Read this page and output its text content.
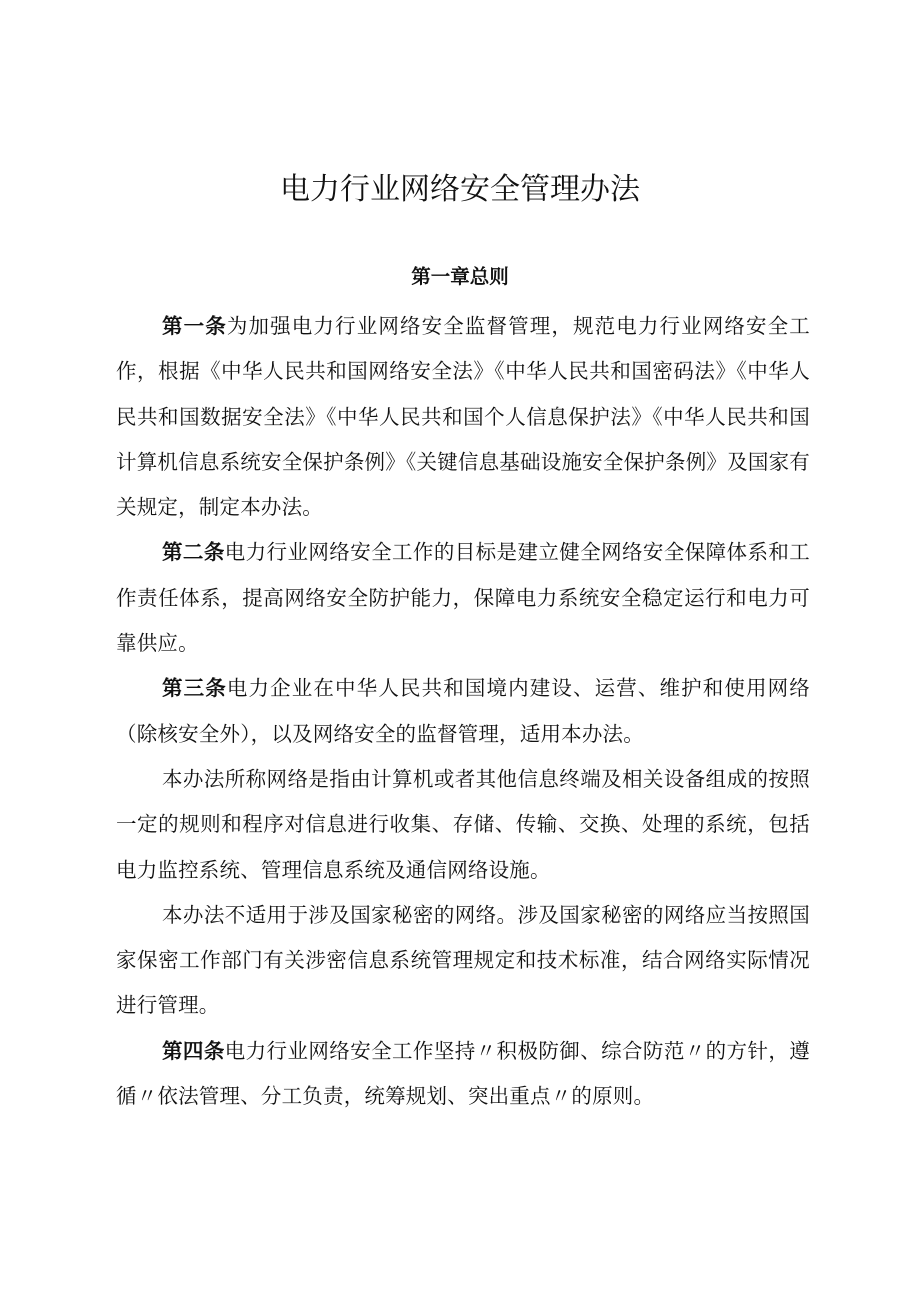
电力行业网络安全管理办法
第一章总则

第一条为加强电力行业网络安全监督管理，规范电力行业网络安全工作，根据《中华人民共和国网络安全法》《中华人民共和国密码法》《中华人民共和国数据安全法》《中华人民共和国个人信息保护法》《中华人民共和国计算机信息系统安全保护条例》《关键信息基础设施安全保护条例》及国家有关规定，制定本办法。

第二条电力行业网络安全工作的目标是建立健全网络安全保障体系和工作责任体系，提高网络安全防护能力，保障电力系统安全稳定运行和电力可靠供应。

第三条电力企业在中华人民共和国境内建设、运营、维护和使用网络（除核安全外），以及网络安全的监督管理，适用本办法。

本办法所称网络是指由计算机或者其他信息终端及相关设备组成的按照一定的规则和程序对信息进行收集、存储、传输、交换、处理的系统，包括电力监控系统、管理信息系统及通信网络设施。

本办法不适用于涉及国家秘密的网络。涉及国家秘密的网络应当按照国家保密工作部门有关涉密信息系统管理规定和技术标准，结合网络实际情况进行管理。

第四条电力行业网络安全工作坚持〃积极防御、综合防范〃的方针，遵循〃依法管理、分工负责，统筹规划、突出重点〃的原则。
